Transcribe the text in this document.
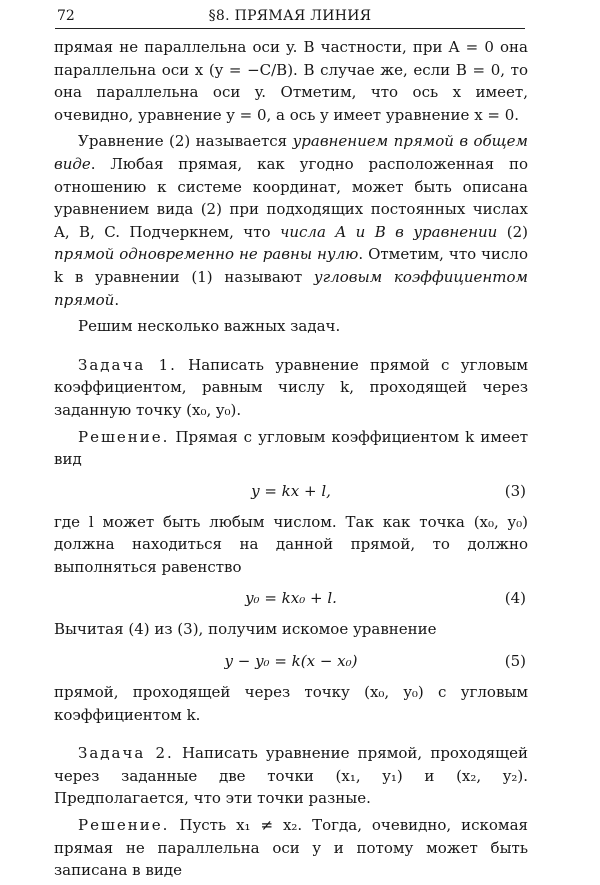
72	§8. ПРЯМАЯ ЛИНИЯ

прямая не параллельна оси y. В частности, при A = 0 она параллельна оси x (y = −C/B). В случае же, если B = 0, то она параллельна оси y. Отметим, что ось x имеет, очевидно, уравнение y = 0, а ось y имеет уравнение x = 0.

Уравнение (2) называется уравнением прямой в общем виде. Любая прямая, как угодно расположенная по отношению к системе координат, может быть описана уравнением вида (2) при подходящих постоянных числах A, B, C. Подчеркнем, что числа A и B в уравнении (2) прямой одновременно не равны нулю. Отметим, что число k в уравнении (1) называют угловым коэффициентом прямой.

Решим несколько важных задач.

Задача 1. Написать уравнение прямой с угловым коэффициентом, равным числу k, проходящей через заданную точку (x₀, y₀).

Решение. Прямая с угловым коэффициентом k имеет вид

y = kx + l,	(3)

где l может быть любым числом. Так как точка (x₀, y₀) должна находиться на данной прямой, то должно выполняться равенство

y₀ = kx₀ + l.	(4)

Вычитая (4) из (3), получим искомое уравнение

y − y₀ = k(x − x₀)	(5)

прямой, проходящей через точку (x₀, y₀) с угловым коэффициентом k.

Задача 2. Написать уравнение прямой, проходящей через заданные две точки (x₁, y₁) и (x₂, y₂). Предполагается, что эти точки разные.

Решение. Пусть x₁ ≠ x₂. Тогда, очевидно, искомая прямая не параллельна оси y и потому может быть записана в виде
